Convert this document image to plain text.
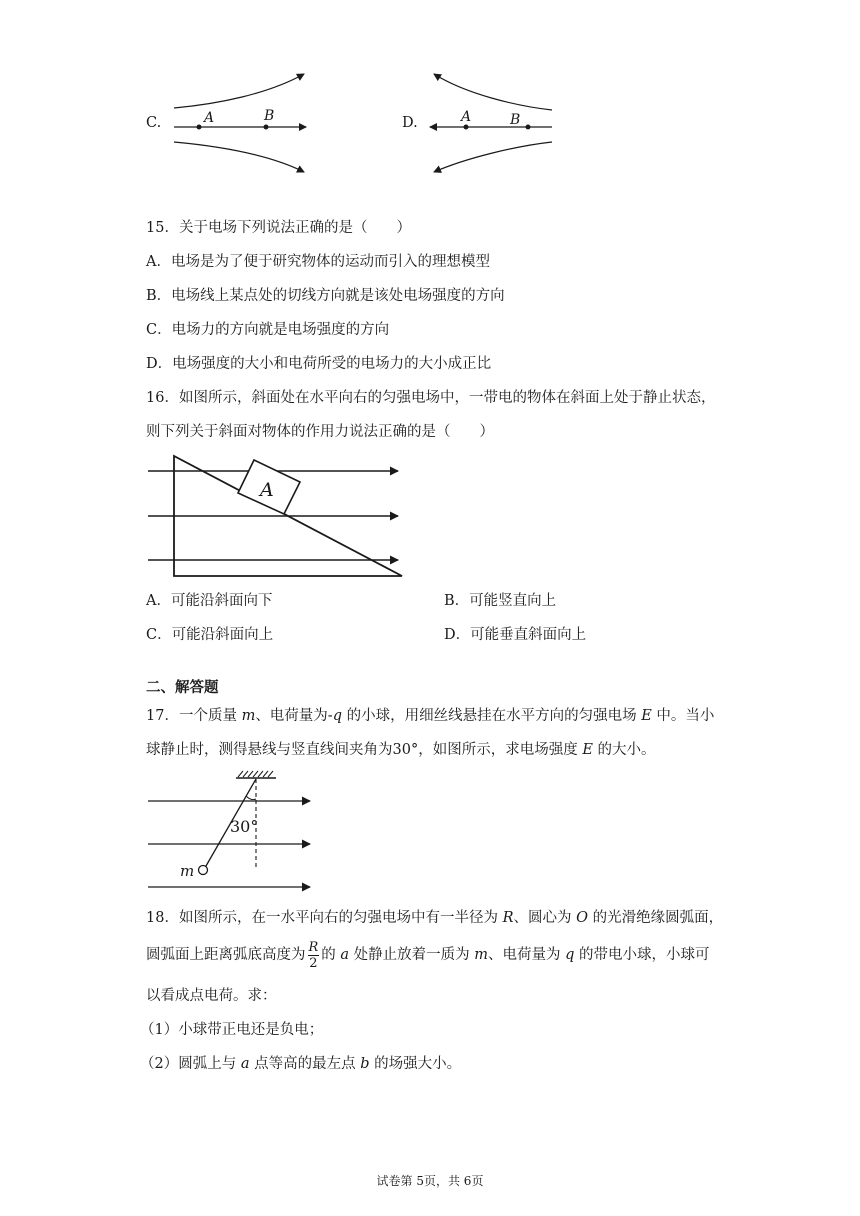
C.	A	B	D.	A	B
15．关于电场下列说法正确的是（　　）
A．电场是为了便于研究物体的运动而引入的理想模型
B．电场线上某点处的切线方向就是该处电场强度的方向
C．电场力的方向就是电场强度的方向
D．电场强度的大小和电荷所受的电场力的大小成正比
16．如图所示，斜面处在水平向右的匀强电场中，一带电的物体在斜面上处于静止状态，
则下列关于斜面对物体的作用力说法正确的是（　　）
A
A．可能沿斜面向下	B．可能竖直向上
C．可能沿斜面向上	D．可能垂直斜面向上
二、解答题
17．一个质量 m、电荷量为-q 的小球，用细丝线悬挂在水平方向的匀强电场 E 中。当小
球静止时，测得悬线与竖直线间夹角为30°，如图所示，求电场强度 E 的大小。
30°
m
18．如图所示，在一水平向右的匀强电场中有一半径为 R、圆心为 O 的光滑绝缘圆弧面，
圆弧面上距离弧底高度为 $\frac{R}{2}$ 的 a 处静止放着一质为 m、电荷量为 q 的带电小球，小球可
以看成点电荷。求：
（1）小球带正电还是负电；
（2）圆弧上与 a 点等高的最左点 b 的场强大小。
试卷第 5页，共 6页
